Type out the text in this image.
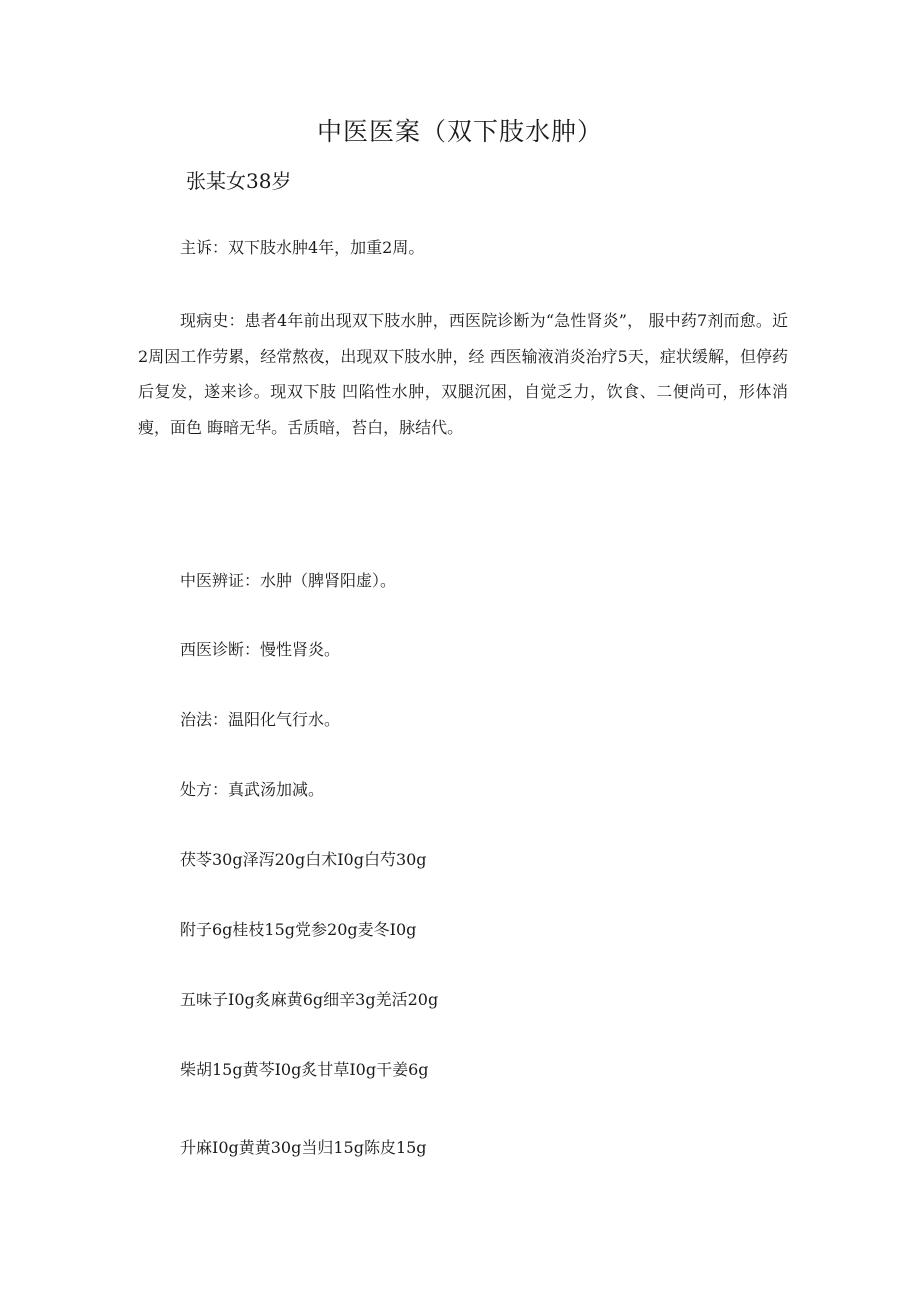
中医医案（双下肢水肿）
张某女38岁
主诉：双下肢水肿4年，加重2周。
现病史：患者4年前出现双下肢水肿，西医院诊断为“急性肾炎”， 服中药7剂而愈。近2周因工作劳累，经常熬夜，出现双下肢水肿，经 西医输液消炎治疗5天，症状缓解，但停药后复发，遂来诊。现双下肢 凹陷性水肿，双腿沉困，自觉乏力，饮食、二便尚可，形体消瘦，面色 晦暗无华。舌质暗，苔白，脉结代。
中医辨证：水肿（脾肾阳虚）。
西医诊断：慢性肾炎。
治法：温阳化气行水。
处方：真武汤加减。
茯苓30g泽泻20g白术I0g白芍30g
附子6g桂枝15g党参20g麦冬I0g
五味子I0g炙麻黄6g细辛3g羌活20g
柴胡15g黄芩I0g炙甘草I0g干姜6g
升麻I0g黄黄30g当归15g陈皮15g
